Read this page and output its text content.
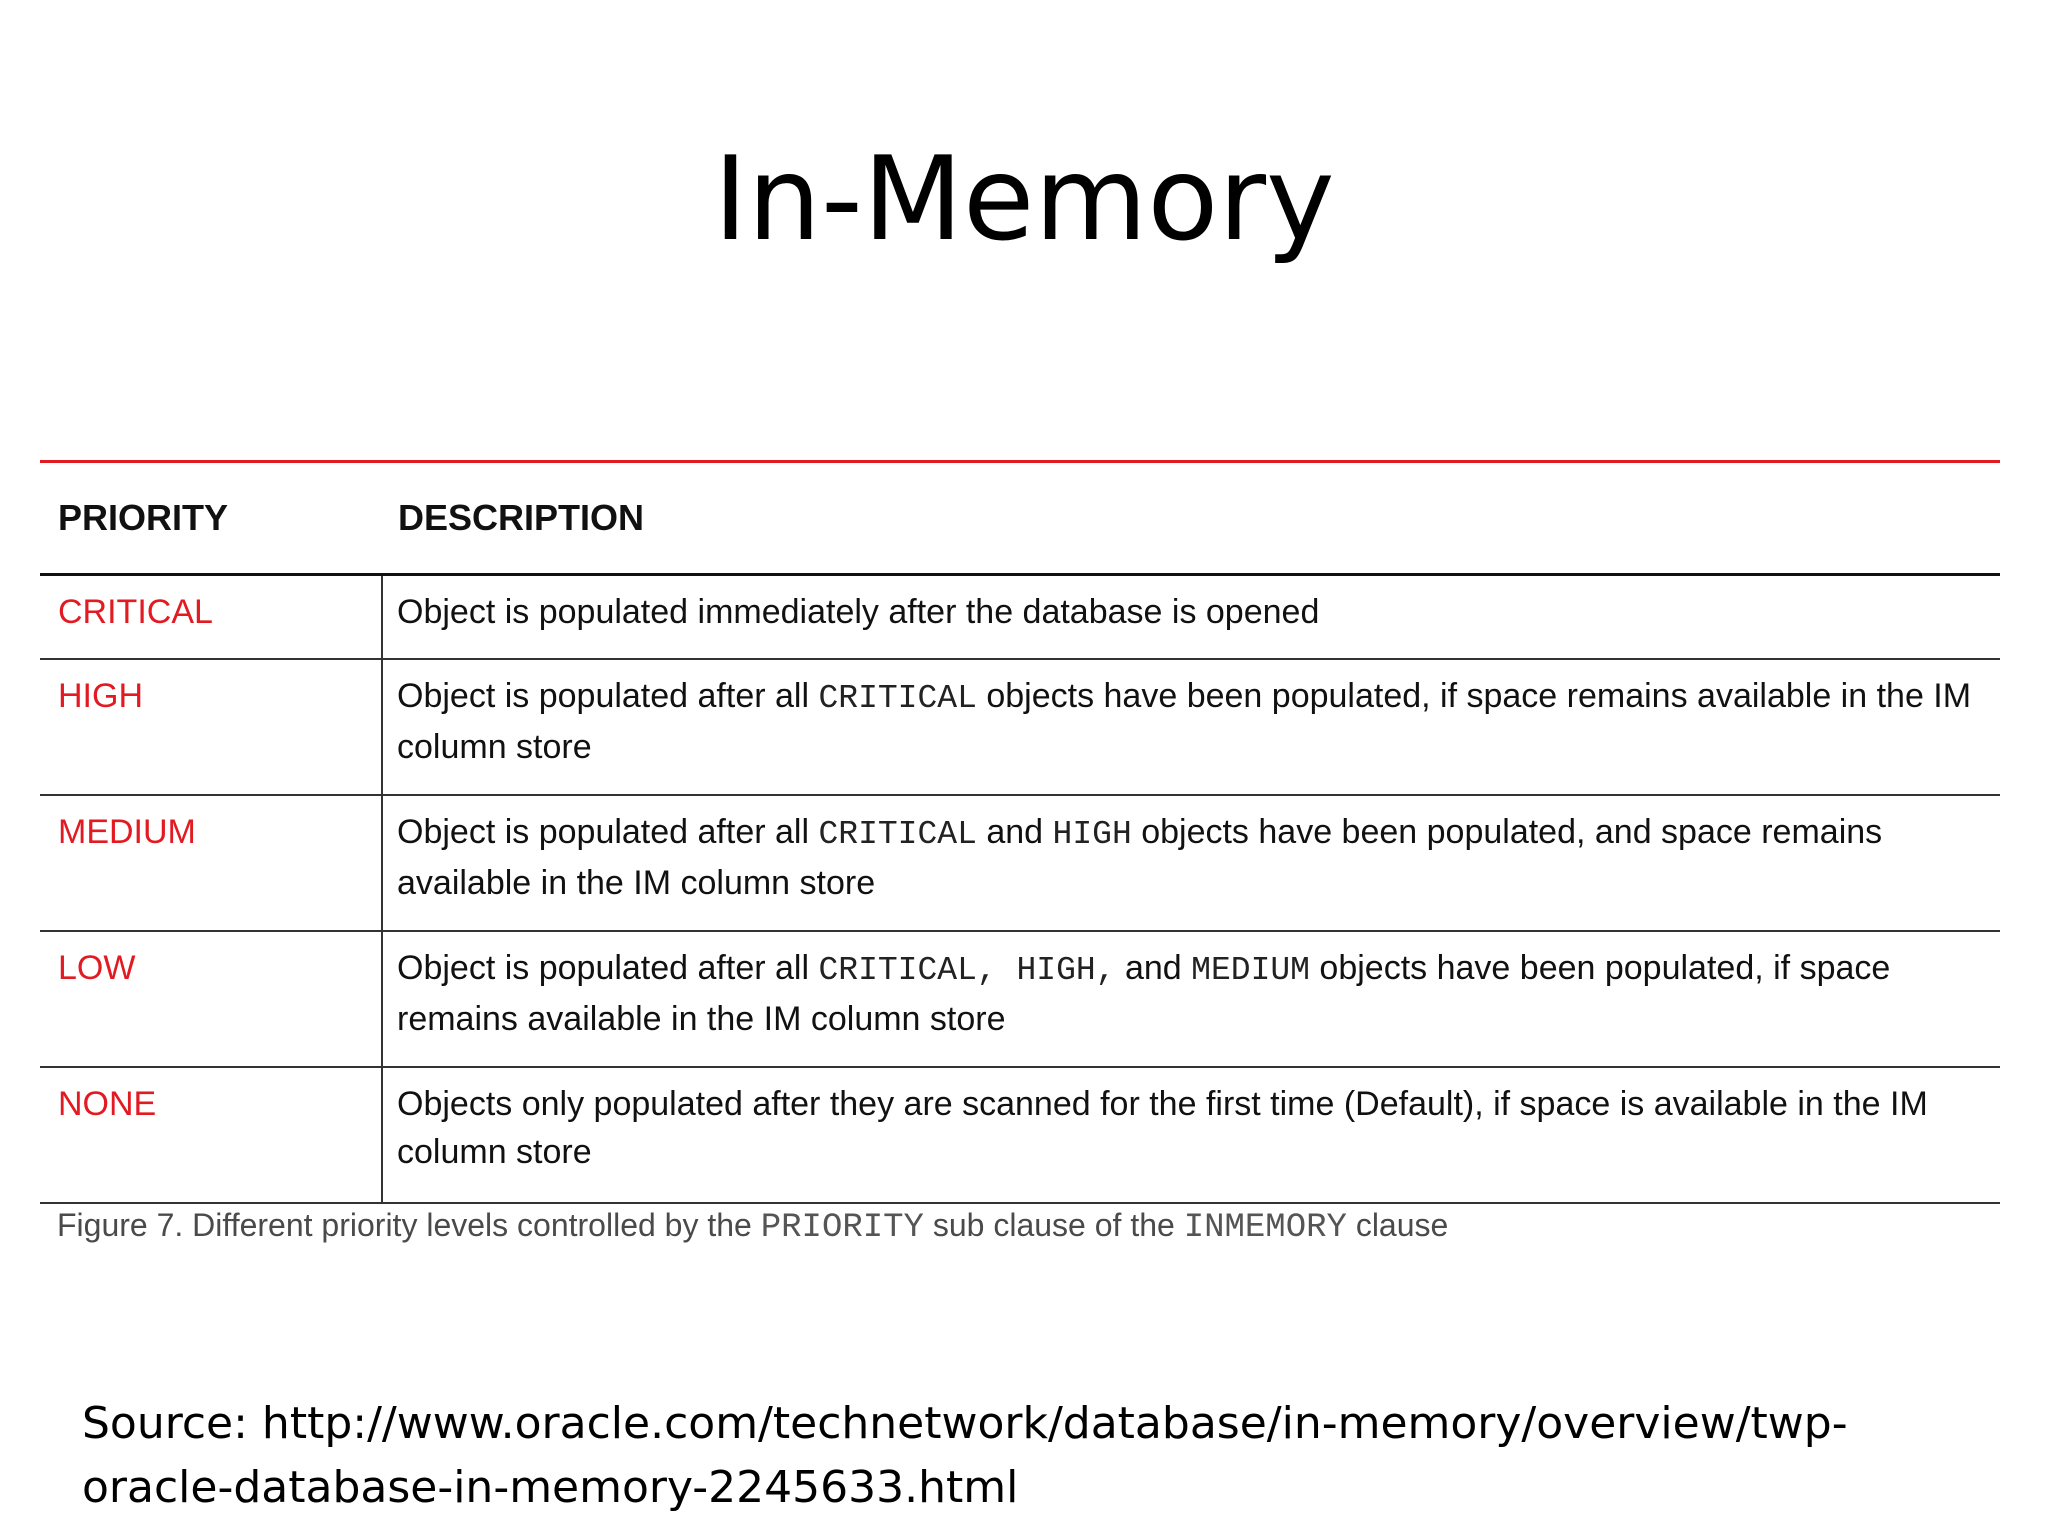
In-Memory
PRIORITY	DESCRIPTION
CRITICAL	Object is populated immediately after the database is opened
HIGH	Object is populated after all CRITICAL objects have been populated, if space remains available in the IM column store
MEDIUM	Object is populated after all CRITICAL and HIGH objects have been populated, and space remains available in the IM column store
LOW	Object is populated after all CRITICAL, HIGH, and MEDIUM objects have been populated, if space remains available in the IM column store
NONE	Objects only populated after they are scanned for the first time (Default), if space is available in the IM column store
Figure 7. Different priority levels controlled by the PRIORITY sub clause of the INMEMORY clause
Source: http://www.oracle.com/technetwork/database/in-memory/overview/twp-
oracle-database-in-memory-2245633.html
